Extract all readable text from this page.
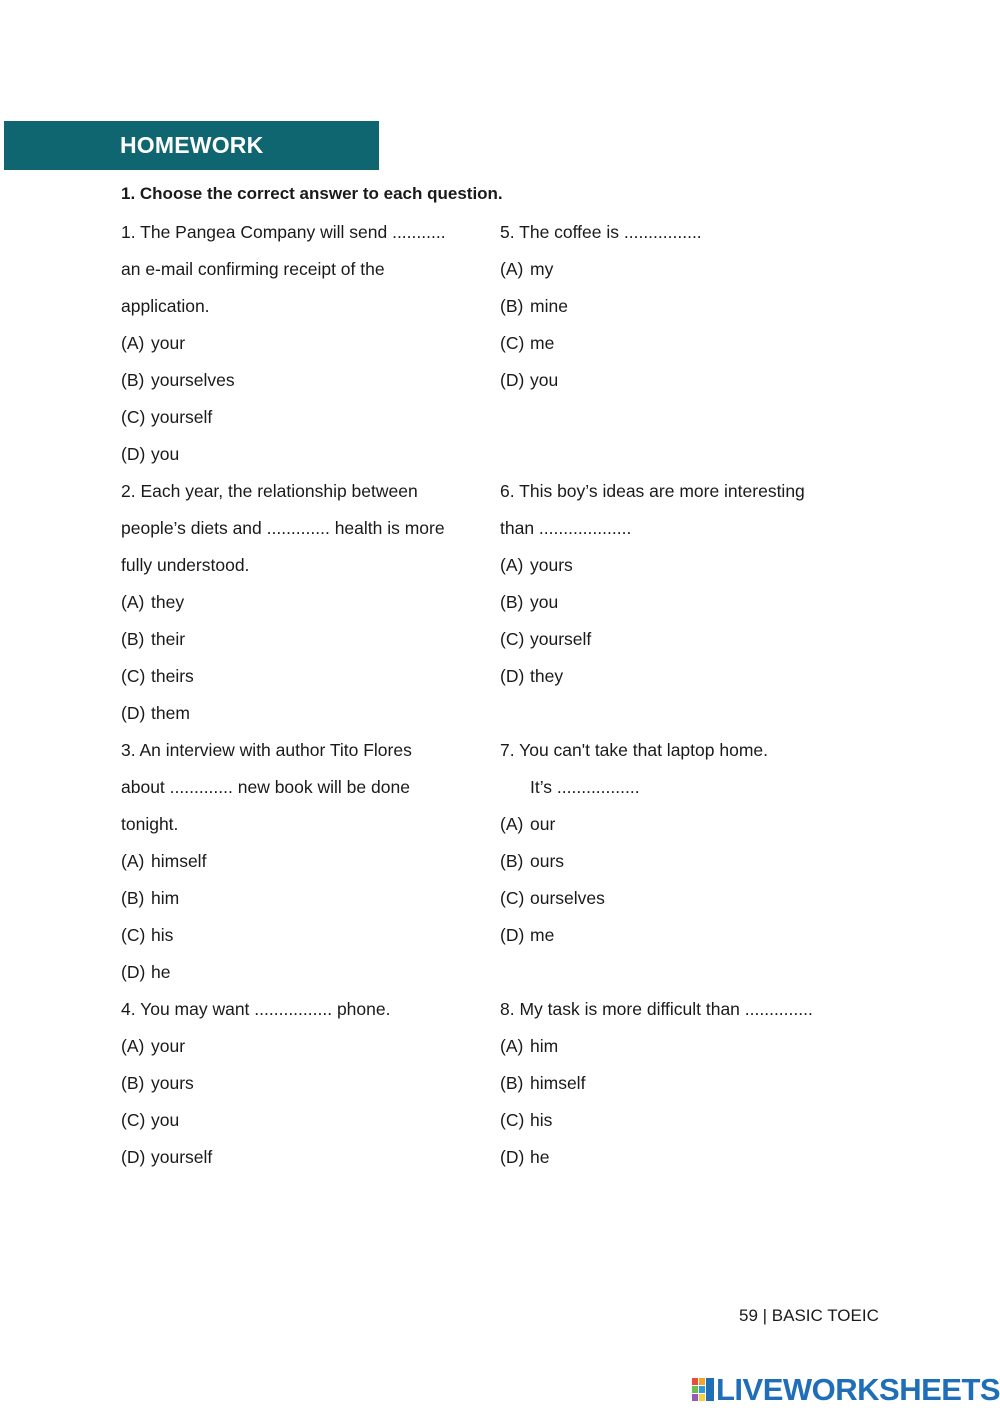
HOMEWORK
1. Choose the correct answer to each question.
1. The Pangea Company will send ...........
an e-mail confirming receipt of the
application.
(A) your
(B) yourselves
(C) yourself
(D) you
2. Each year, the relationship between
people’s diets and ............. health is more
fully understood.
(A) they
(B) their
(C) theirs
(D) them
3. An interview with author Tito Flores
about ............. new book will be done
tonight.
(A) himself
(B) him
(C) his
(D) he
4. You may want ................ phone.
(A) your
(B) yours
(C) you
(D) yourself
5. The coffee is ................
(A) my
(B) mine
(C) me
(D) you
6. This boy’s ideas are more interesting
than ...................
(A) yours
(B) you
(C) yourself
(D) they
7. You can't take that laptop home.
It’s .................
(A) our
(B) ours
(C) ourselves
(D) me
8. My task is more difficult than ..............
(A) him
(B) himself
(C) his
(D) he
59 | BASIC TOEIC
LIVEWORKSHEETS
